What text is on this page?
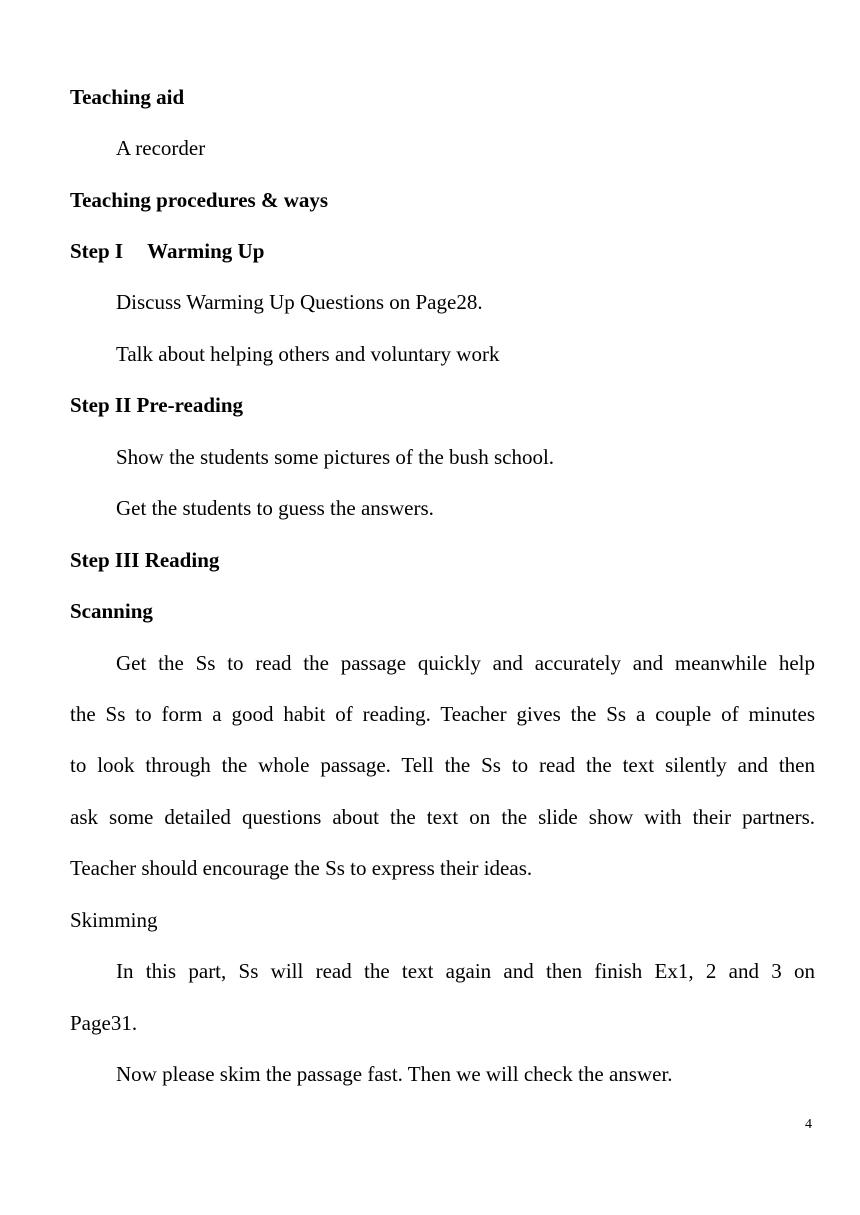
Teaching aid

A recorder

Teaching procedures & ways

Step I Warming Up

Discuss Warming Up Questions on Page28.

Talk about helping others and voluntary work

Step II Pre-reading

Show the students some pictures of the bush school.

Get the students to guess the answers.

Step III Reading

Scanning

Get the Ss to read the passage quickly and accurately and meanwhile help

the Ss to form a good habit of reading. Teacher gives the Ss a couple of minutes

to look through the whole passage. Tell the Ss to read the text silently and then

ask some detailed questions about the text on the slide show with their partners.

Teacher should encourage the Ss to express their ideas.

Skimming

In this part, Ss will read the text again and then finish Ex1, 2 and 3 on

Page31.

Now please skim the passage fast. Then we will check the answer.

4
